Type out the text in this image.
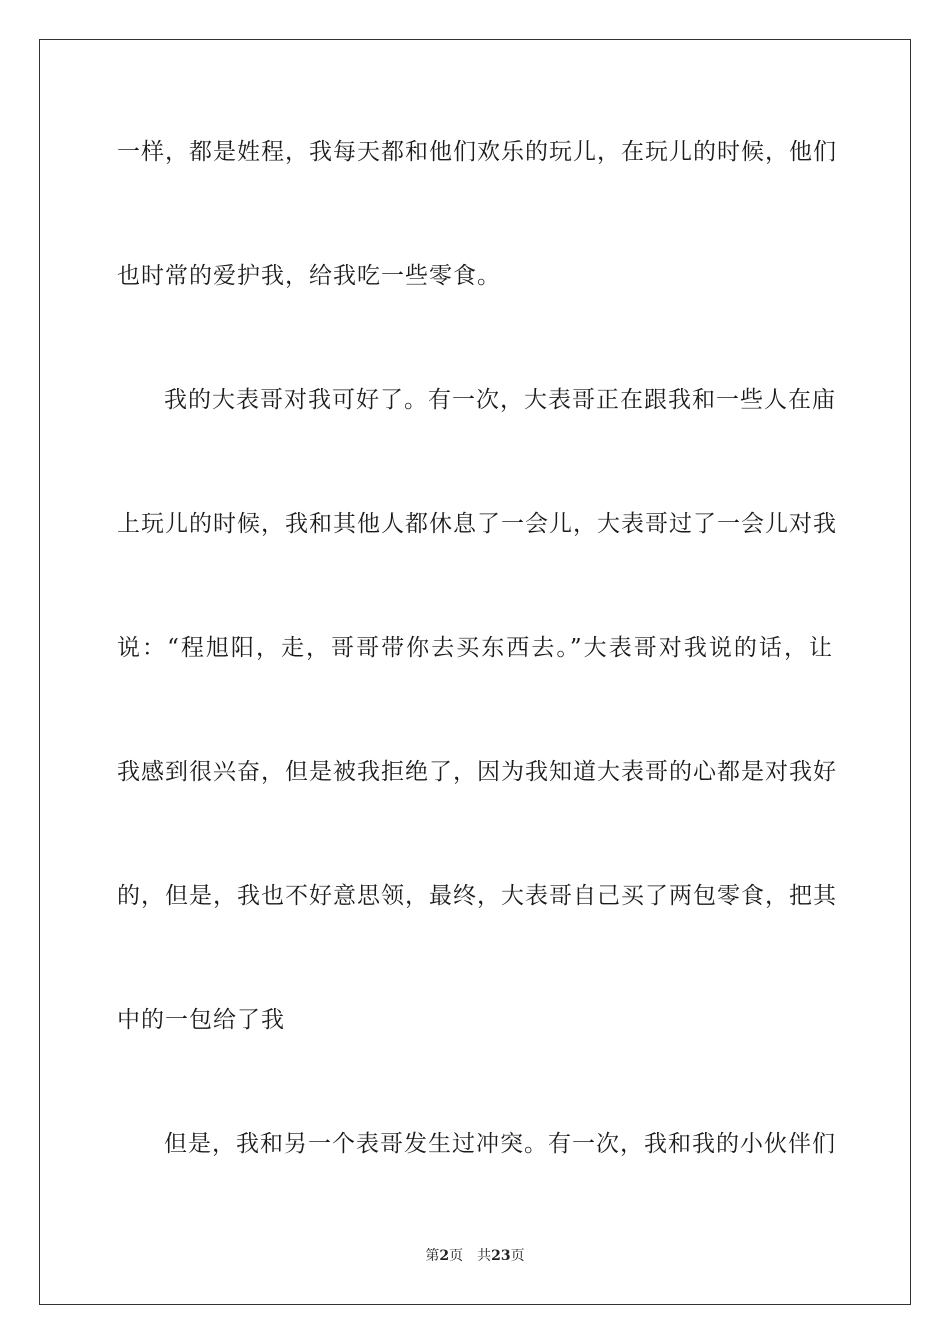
一样，都是姓程，我每天都和他们欢乐的玩儿，在玩儿的时候，他们
也时常的爱护我，给我吃一些零食。
我的大表哥对我可好了。有一次，大表哥正在跟我和一些人在庙
上玩儿的时候，我和其他人都休息了一会儿，大表哥过了一会儿对我
说：“程旭阳，走，哥哥带你去买东西去。”大表哥对我说的话，让
我感到很兴奋，但是被我拒绝了，因为我知道大表哥的心都是对我好
的，但是，我也不好意思领，最终，大表哥自己买了两包零食，把其
中的一包给了我
但是，我和另一个表哥发生过冲突。有一次，我和我的小伙伴们
第2页 共23页
